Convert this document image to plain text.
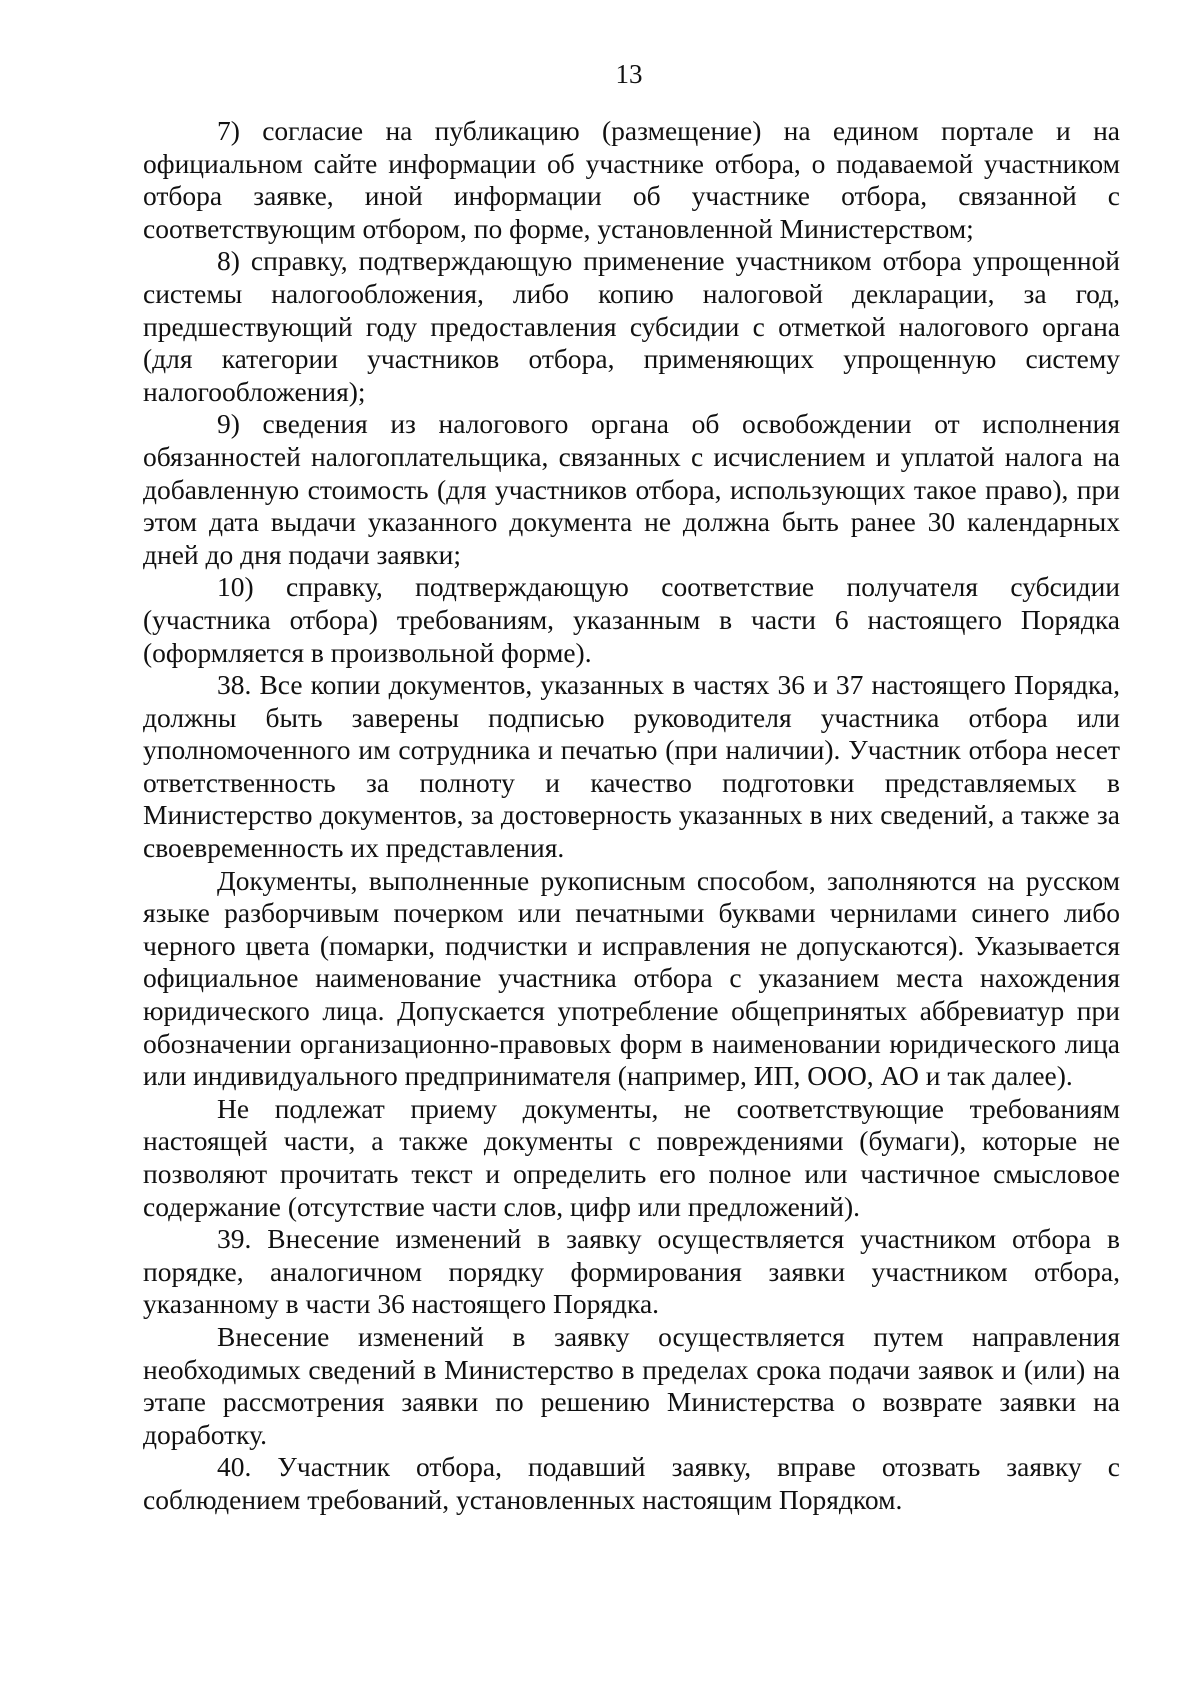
13

7) согласие на публикацию (размещение) на едином портале и на официальном сайте информации об участнике отбора, о подаваемой участником отбора заявке, иной информации об участнике отбора, связанной с соответствующим отбором, по форме, установленной Министерством;

8) справку, подтверждающую применение участником отбора упрощенной системы налогообложения, либо копию налоговой декларации, за год, предшествующий году предоставления субсидии с отметкой налогового органа (для категории участников отбора, применяющих упрощенную систему налогообложения);

9) сведения из налогового органа об освобождении от исполнения обязанностей налогоплательщика, связанных с исчислением и уплатой налога на добавленную стоимость (для участников отбора, использующих такое право), при этом дата выдачи указанного документа не должна быть ранее 30 календарных дней до дня подачи заявки;

10) справку, подтверждающую соответствие получателя субсидии (участника отбора) требованиям, указанным в части 6 настоящего Порядка (оформляется в произвольной форме).

38. Все копии документов, указанных в частях 36 и 37 настоящего Порядка, должны быть заверены подписью руководителя участника отбора или уполномоченного им сотрудника и печатью (при наличии). Участник отбора несет ответственность за полноту и качество подготовки представляемых в Министерство документов, за достоверность указанных в них сведений, а также за своевременность их представления.

Документы, выполненные рукописным способом, заполняются на русском языке разборчивым почерком или печатными буквами чернилами синего либо черного цвета (помарки, подчистки и исправления не допускаются). Указывается официальное наименование участника отбора с указанием места нахождения юридического лица. Допускается употребление общепринятых аббревиатур при обозначении организационно-правовых форм в наименовании юридического лица или индивидуального предпринимателя (например, ИП, ООО, АО и так далее).

Не подлежат приему документы, не соответствующие требованиям настоящей части, а также документы с повреждениями (бумаги), которые не позволяют прочитать текст и определить его полное или частичное смысловое содержание (отсутствие части слов, цифр или предложений).

39. Внесение изменений в заявку осуществляется участником отбора в порядке, аналогичном порядку формирования заявки участником отбора, указанному в части 36 настоящего Порядка.

Внесение изменений в заявку осуществляется путем направления необходимых сведений в Министерство в пределах срока подачи заявок и (или) на этапе рассмотрения заявки по решению Министерства о возврате заявки на доработку.

40. Участник отбора, подавший заявку, вправе отозвать заявку с соблюдением требований, установленных настоящим Порядком.
